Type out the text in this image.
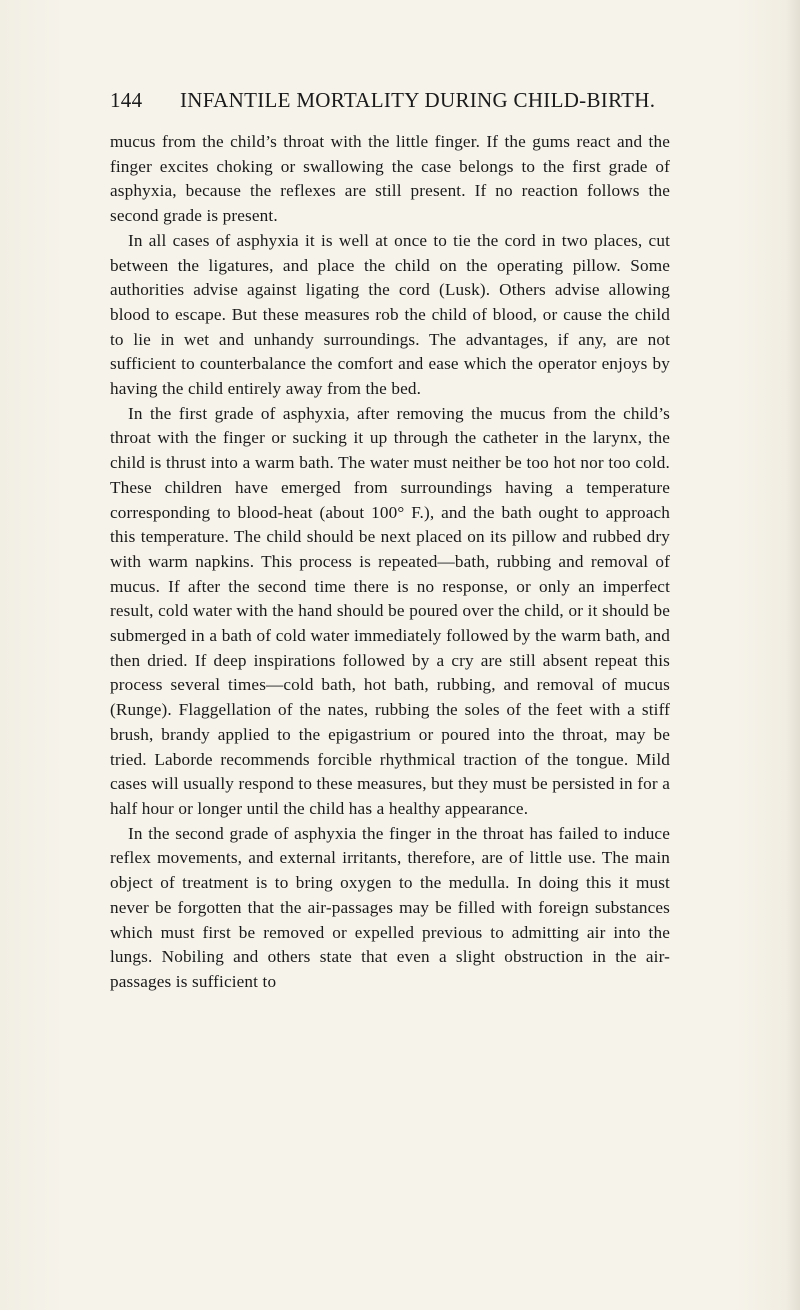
144 INFANTILE MORTALITY DURING CHILD-BIRTH.

mucus from the child’s throat with the little finger. If the gums react and the finger excites choking or swallowing the case belongs to the first grade of asphyxia, because the reflexes are still present. If no reaction follows the second grade is present.

In all cases of asphyxia it is well at once to tie the cord in two places, cut between the ligatures, and place the child on the operating pillow. Some authorities advise against ligating the cord (Lusk). Others advise allowing blood to escape. But these measures rob the child of blood, or cause the child to lie in wet and unhandy surroundings. The advantages, if any, are not sufficient to counterbalance the comfort and ease which the operator enjoys by having the child entirely away from the bed.

In the first grade of asphyxia, after removing the mucus from the child’s throat with the finger or sucking it up through the catheter in the larynx, the child is thrust into a warm bath. The water must neither be too hot nor too cold. These children have emerged from surroundings having a temperature corresponding to blood-heat (about 100° F.), and the bath ought to approach this temperature. The child should be next placed on its pillow and rubbed dry with warm napkins. This process is repeated—bath, rubbing and removal of mucus. If after the second time there is no response, or only an imperfect result, cold water with the hand should be poured over the child, or it should be submerged in a bath of cold water immediately followed by the warm bath, and then dried. If deep inspirations followed by a cry are still absent repeat this process several times—cold bath, hot bath, rubbing, and removal of mucus (Runge). Flaggellation of the nates, rubbing the soles of the feet with a stiff brush, brandy applied to the epigastrium or poured into the throat, may be tried. Laborde recommends forcible rhythmical traction of the tongue. Mild cases will usually respond to these measures, but they must be persisted in for a half hour or longer until the child has a healthy appearance.

In the second grade of asphyxia the finger in the throat has failed to induce reflex movements, and external irritants, therefore, are of little use. The main object of treatment is to bring oxygen to the medulla. In doing this it must never be forgotten that the air-passages may be filled with foreign substances which must first be removed or expelled previous to admitting air into the lungs. Nobiling and others state that even a slight obstruction in the air-passages is sufficient to
